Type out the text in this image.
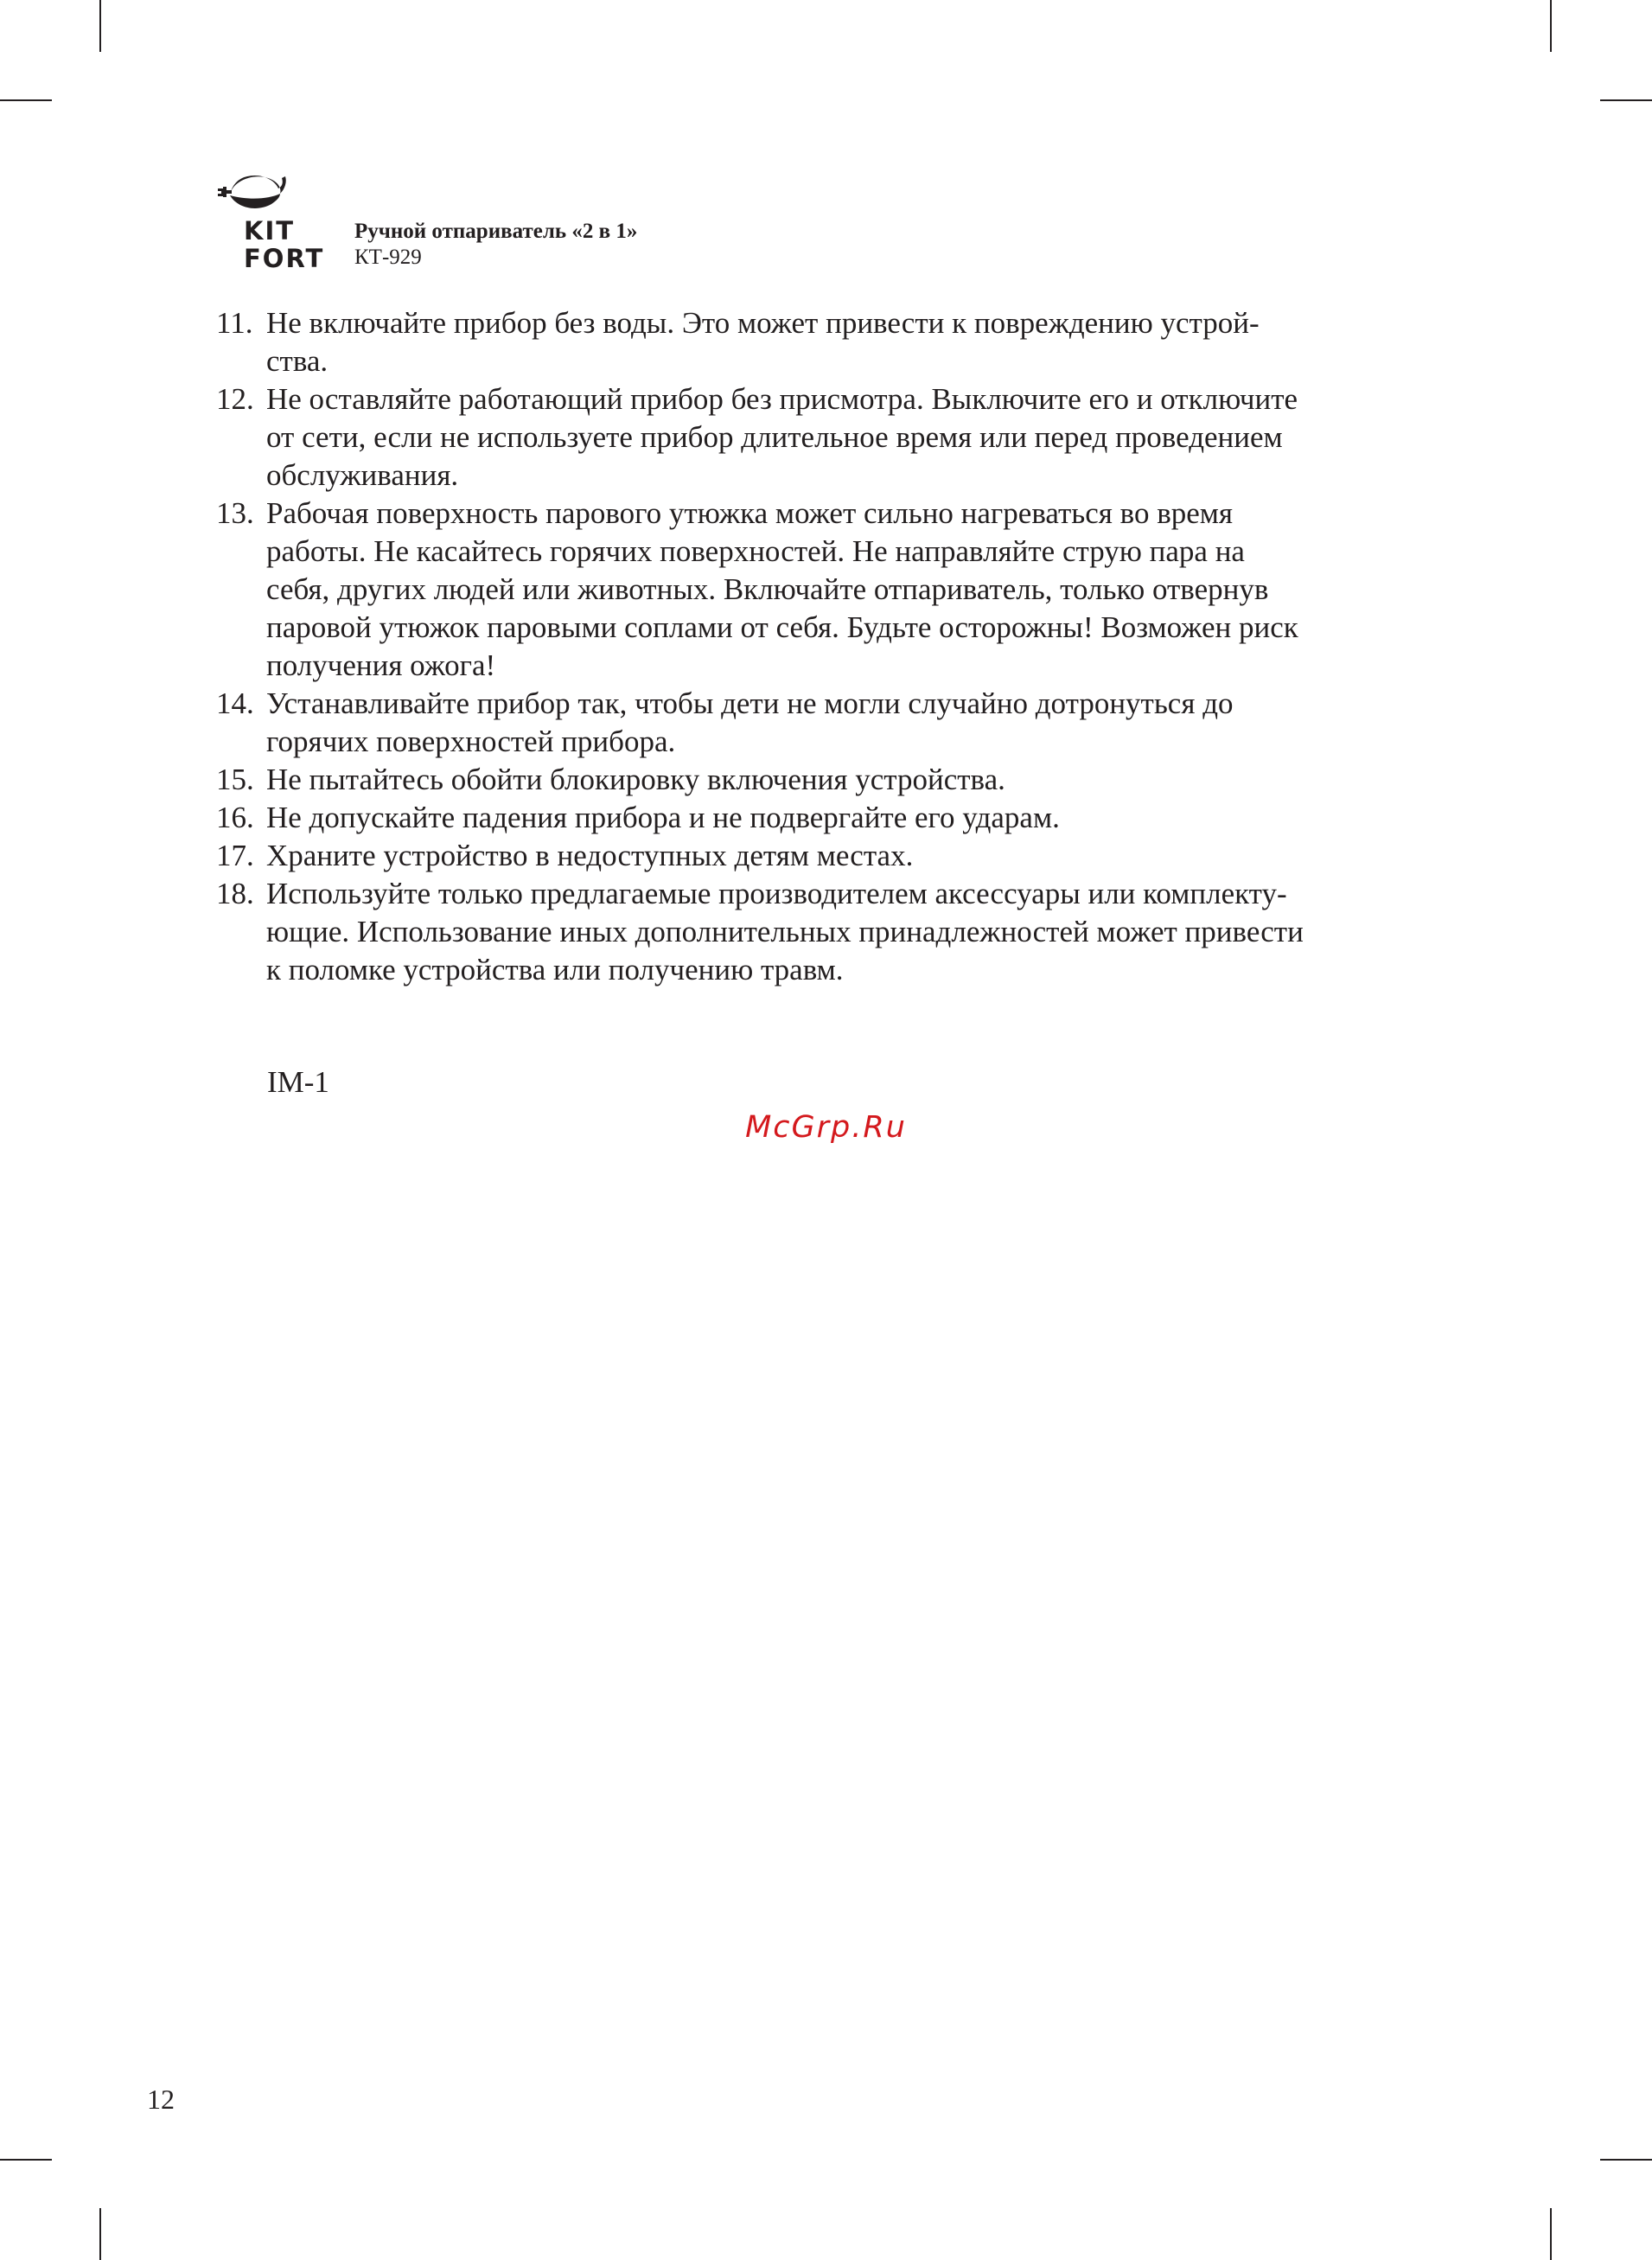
KIT
FORT
Ручной отпариватель «2 в 1»
КТ-929
11. Не включайте прибор без воды. Это может привести к повреждению устрой-
ства.
12. Не оставляйте работающий прибор без присмотра. Выключите его и отключите
от сети, если не используете прибор длительное время или перед проведением
обслуживания.
13. Рабочая поверхность парового утюжка может сильно нагреваться во время
работы. Не касайтесь горячих поверхностей. Не направляйте струю пара на
себя, других людей или животных. Включайте отпариватель, только отвернув
паровой утюжок паровыми соплами от себя. Будьте осторожны! Возможен риск
получения ожога!
14. Устанавливайте прибор так, чтобы дети не могли случайно дотронуться до
горячих поверхностей прибора.
15. Не пытайтесь обойти блокировку включения устройства.
16. Не допускайте падения прибора и не подвергайте его ударам.
17. Храните устройство в недоступных детям местах.
18. Используйте только предлагаемые производителем аксессуары или комплекту-
ющие. Использование иных дополнительных принадлежностей может привести
к поломке устройства или получению травм.
IM-1
McGrp.Ru
12
